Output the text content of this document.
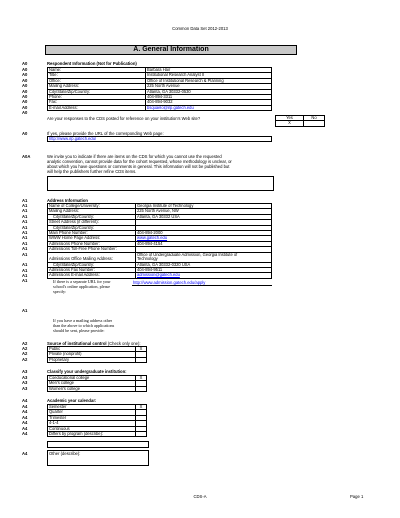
Common Data Set 2012-2013
A. General Information
A0	Respondent Information (Not for Publication)
A0
A0
A0
A0
A0
A0
A0
A0
A0
Name:	Barbara Hair
Title:	Institutional Research Analyst II
Office:	Office of Institutional Research & Planning
Mailing Address:	225 North Avenue
City/State/Zip/Country:	Atlanta, GA 30332-0530
Phone:	404-894-3311
Fax:	404-894-9032
E-mail Address:	bsquaelo@irp.gatech.edu
Are your responses to the CDS posted for reference on your institution's Web site?	Yes	No
X	
A0	If yes, please provide the URL of the corresponding Web page:
http://www.irp.gatech.edu/
A0A	We invite you to indicate if there are items on the CDS for which you cannot use the requested
analytic convention, cannot provide data for the cohort requested, whose methodology is unclear, or
about which you have questions or comments in general. This information will not be published but
will help the publishers further refine CDS items.
A1	Address Information
A1
A1
A1
A1
A1
A1
A1
A1
A1
A1
A1
A1
A1
A1
Name of College/University:	Georgia Institute of Technology
Mailing Address:	225 North Avenue, NW
City/State/Zip/Country:	Atlanta, GA 30332 USA
Street Address (if different):	
City/State/Zip/Country:	
Main Phone Number:	404-894-2000
WWW Home Page Address:	www.gatech.edu
Admissions Phone Number:	404-894-4154
Admissions Toll-Free Phone Number:	
Admissions Office Mailing Address:	Office of Undergraduate Admission, Georgia Institute of
Technology

City/State/Zip/Country:	Atlanta, GA 30332-0320 USA
Admissions Fax Number:	404-894-9511
Admissions E-mail Address:	admission@gatech.edu
If there is a separate URL for your
school's online application, please
specify:
http://www.admission.gatech.edu/apply
A1
If you have a mailing address other
than the above to which applications
should be sent, please provide:
A2	Source of institutional control (Check only one):
A2
A2
A2
Public	X
Private (nonprofit)	
Proprietary	
A3	Classify your undergraduate institution:
A3
A3
A3
Coeducational college	X
Men's college	
Women's college	
A4	Academic year calendar:
A4
A4
A4
A4
A4
A4
Semester	X
Quarter	
Trimester	
4-1-4	
Continuous	
Differs by program (describe):	
A4	Other (describe):
CDS-A	Page 1
